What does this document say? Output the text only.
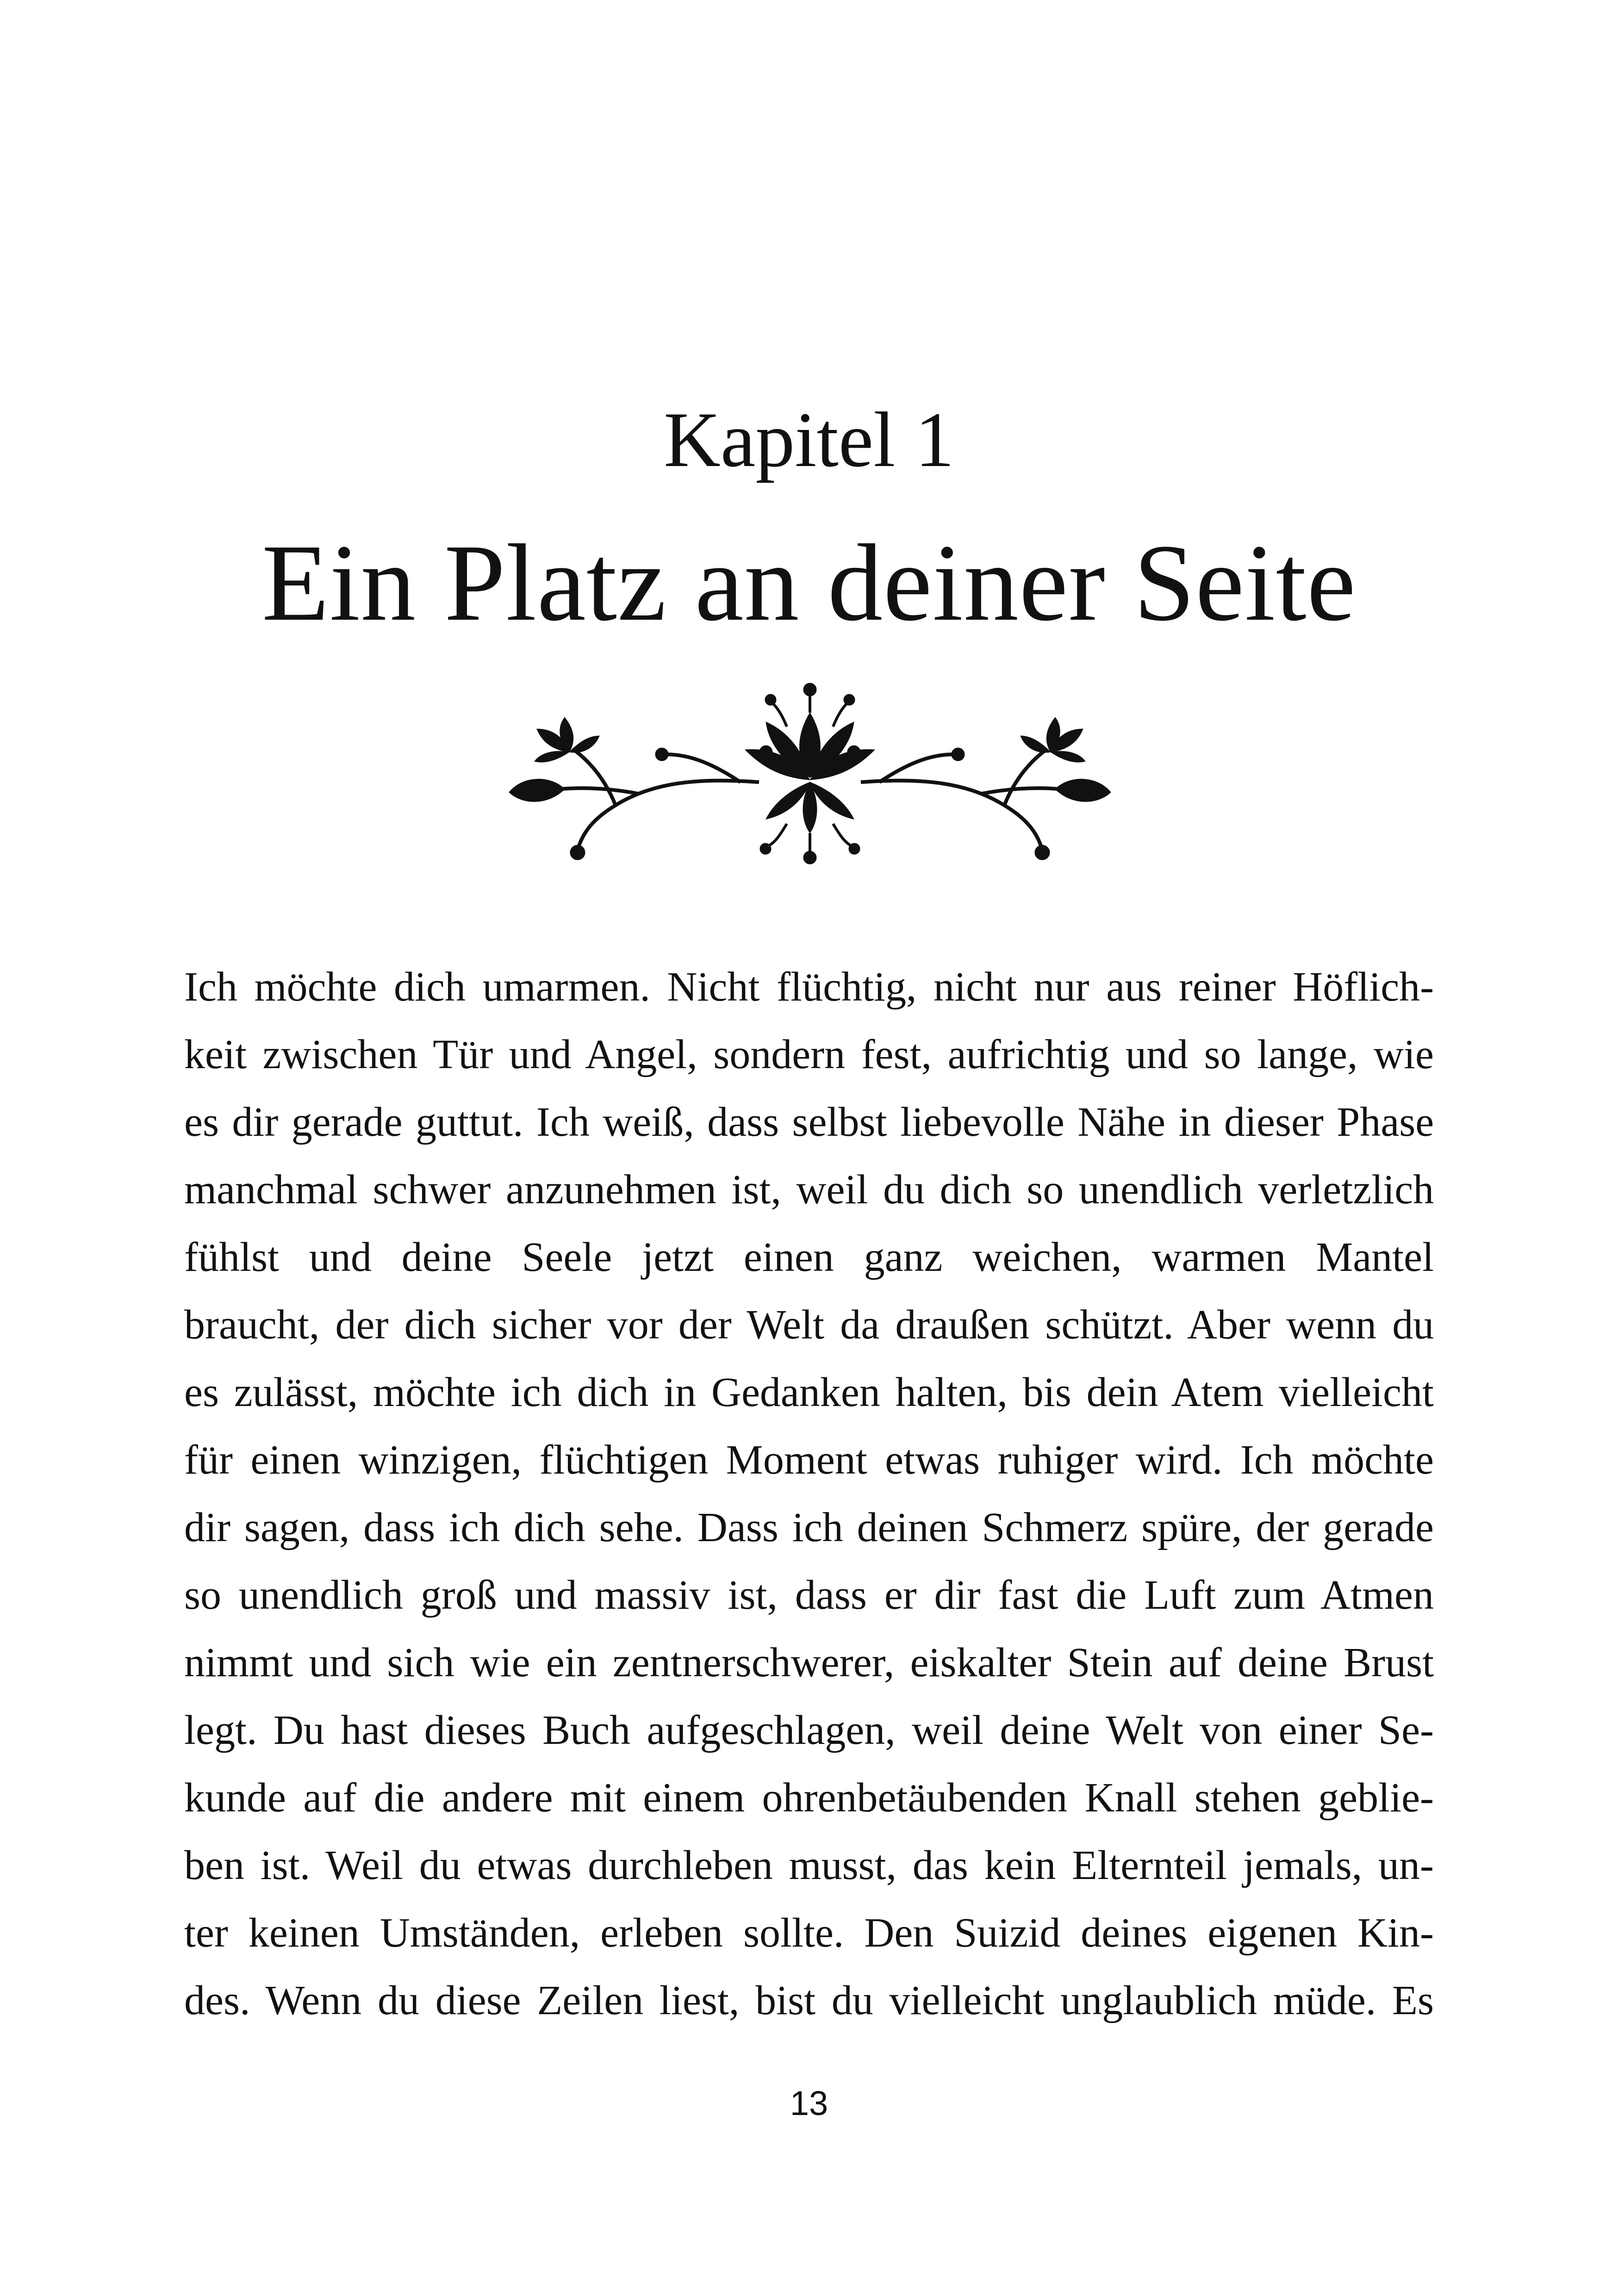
Kapitel 1
Ein Platz an deiner Seite
Ich möchte dich umarmen. Nicht flüchtig, nicht nur aus reiner Höflich-
keit zwischen Tür und Angel, sondern fest, aufrichtig und so lange, wie
es dir gerade guttut. Ich weiß, dass selbst liebevolle Nähe in dieser Phase
manchmal schwer anzunehmen ist, weil du dich so unendlich verletzlich
fühlst und deine Seele jetzt einen ganz weichen, warmen Mantel
braucht, der dich sicher vor der Welt da draußen schützt. Aber wenn du
es zulässt, möchte ich dich in Gedanken halten, bis dein Atem vielleicht
für einen winzigen, flüchtigen Moment etwas ruhiger wird. Ich möchte
dir sagen, dass ich dich sehe. Dass ich deinen Schmerz spüre, der gerade
so unendlich groß und massiv ist, dass er dir fast die Luft zum Atmen
nimmt und sich wie ein zentnerschwerer, eiskalter Stein auf deine Brust
legt. Du hast dieses Buch aufgeschlagen, weil deine Welt von einer Se-
kunde auf die andere mit einem ohrenbetäubenden Knall stehen geblie-
ben ist. Weil du etwas durchleben musst, das kein Elternteil jemals, un-
ter keinen Umständen, erleben sollte. Den Suizid deines eigenen Kin-
des. Wenn du diese Zeilen liest, bist du vielleicht unglaublich müde. Es
13
